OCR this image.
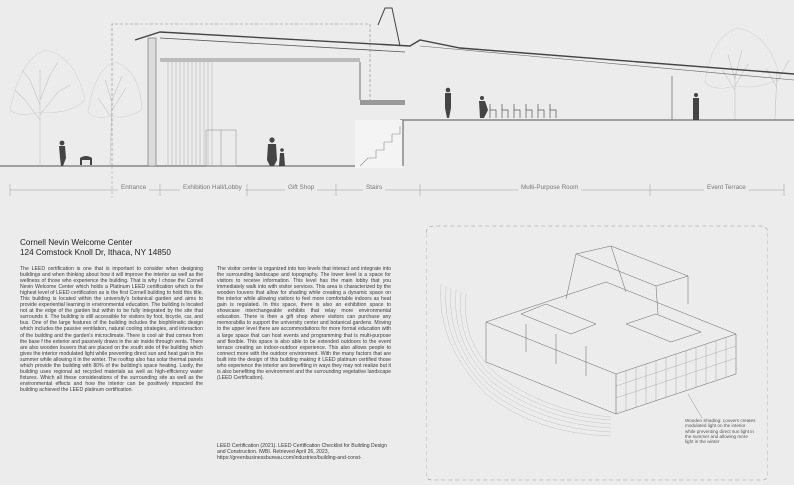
Entrance	Exhibition Hall/Lobby	Gift Shop	Stairs	Multi-Purpose Room	Event Terrace
Cornell Nevin Welcome Center
124 Comstock Knoll Dr, Ithaca, NY 14850
The LEED certification is one that is important to consider when designing buildings and when thinking about how it will improve the interior as well as the wellness of those who experience the building. That is why I chose the Cornell Nevin Welcome Center which holds a Platinum LEED certification which is the highest level of LEED certification as is the first Cornell building to hold this title. This building is located within the university's botanical garden and aims to provide experiential learning in environmental education. The building is located not at the edge of the garden but within to be fully integrated by the site that surrounds it. The building is still accessible for visitors by foot, bicycle, car, and bus. One of the large features of the building includes the biophilmatic design which includes the passive ventilation, natural cooling strategies, and interaction of the building and the garden's microclimate. There is cool air that comes from the base f the exterior and passively draws in the air inside through vents. There are also wooden louvers that are placed on the south side of the building which gives the interior modulated light while preventing direct sun and heat gain in the summer while allowing it in the winter. The rooftop also has solar thermal panels which provide the building with 80% of the building's space heating. Lastly, the building uses regional ad recycled materials as well as high-efficiency water fixtures. Which all these considerations of the surrounding site as well as the environmental effects and how the interior can be positively impacted the building achieved the LEED platinum certification.
The visitor center is organized into two levels that interact and integrate into the surrounding landscape and topography. The lower level is a space for visitors to receive information. This level has the main lobby that you immediately walk into with visitor services. This area is characterized by the wooden louvers that allow for shading while creating a dynamic space on the interior while allowing visitors to feel more comfortable indoors as heat gain is regulated. In this space, there is also an exhibition space to showcase interchangeable exhibits that relay more environmental education. There is then a gift shop where visitors can purchase any memorabilia to support the university center and botanical gardens. Moving to the upper level there are accommodations for more formal education with a large space that can host events and programming that is multi-purpose and flexible. This space is also able to be extended outdoors to the event terrace creating an indoor-outdoor experience. This also allows people to connect more with the outdoor environment. With the many factors that are built into the design of this building making it LEED platinum certified those who experience the interior are benefiting in ways they may not realize but it is also benefiting the environment and the surrounding vegetative landscape (LEED Certification).
LEED Certification (2021). LEED Certification Checklist for Building Design and Construction. IWBI. Retrieved April 26, 2023, https://greenbusinessbureau.com/industries/building-and-const-
Wooden Shading: Louvers creates modulated light on the interior while preventing direct sun light in the summer and allowing more light in the winter
